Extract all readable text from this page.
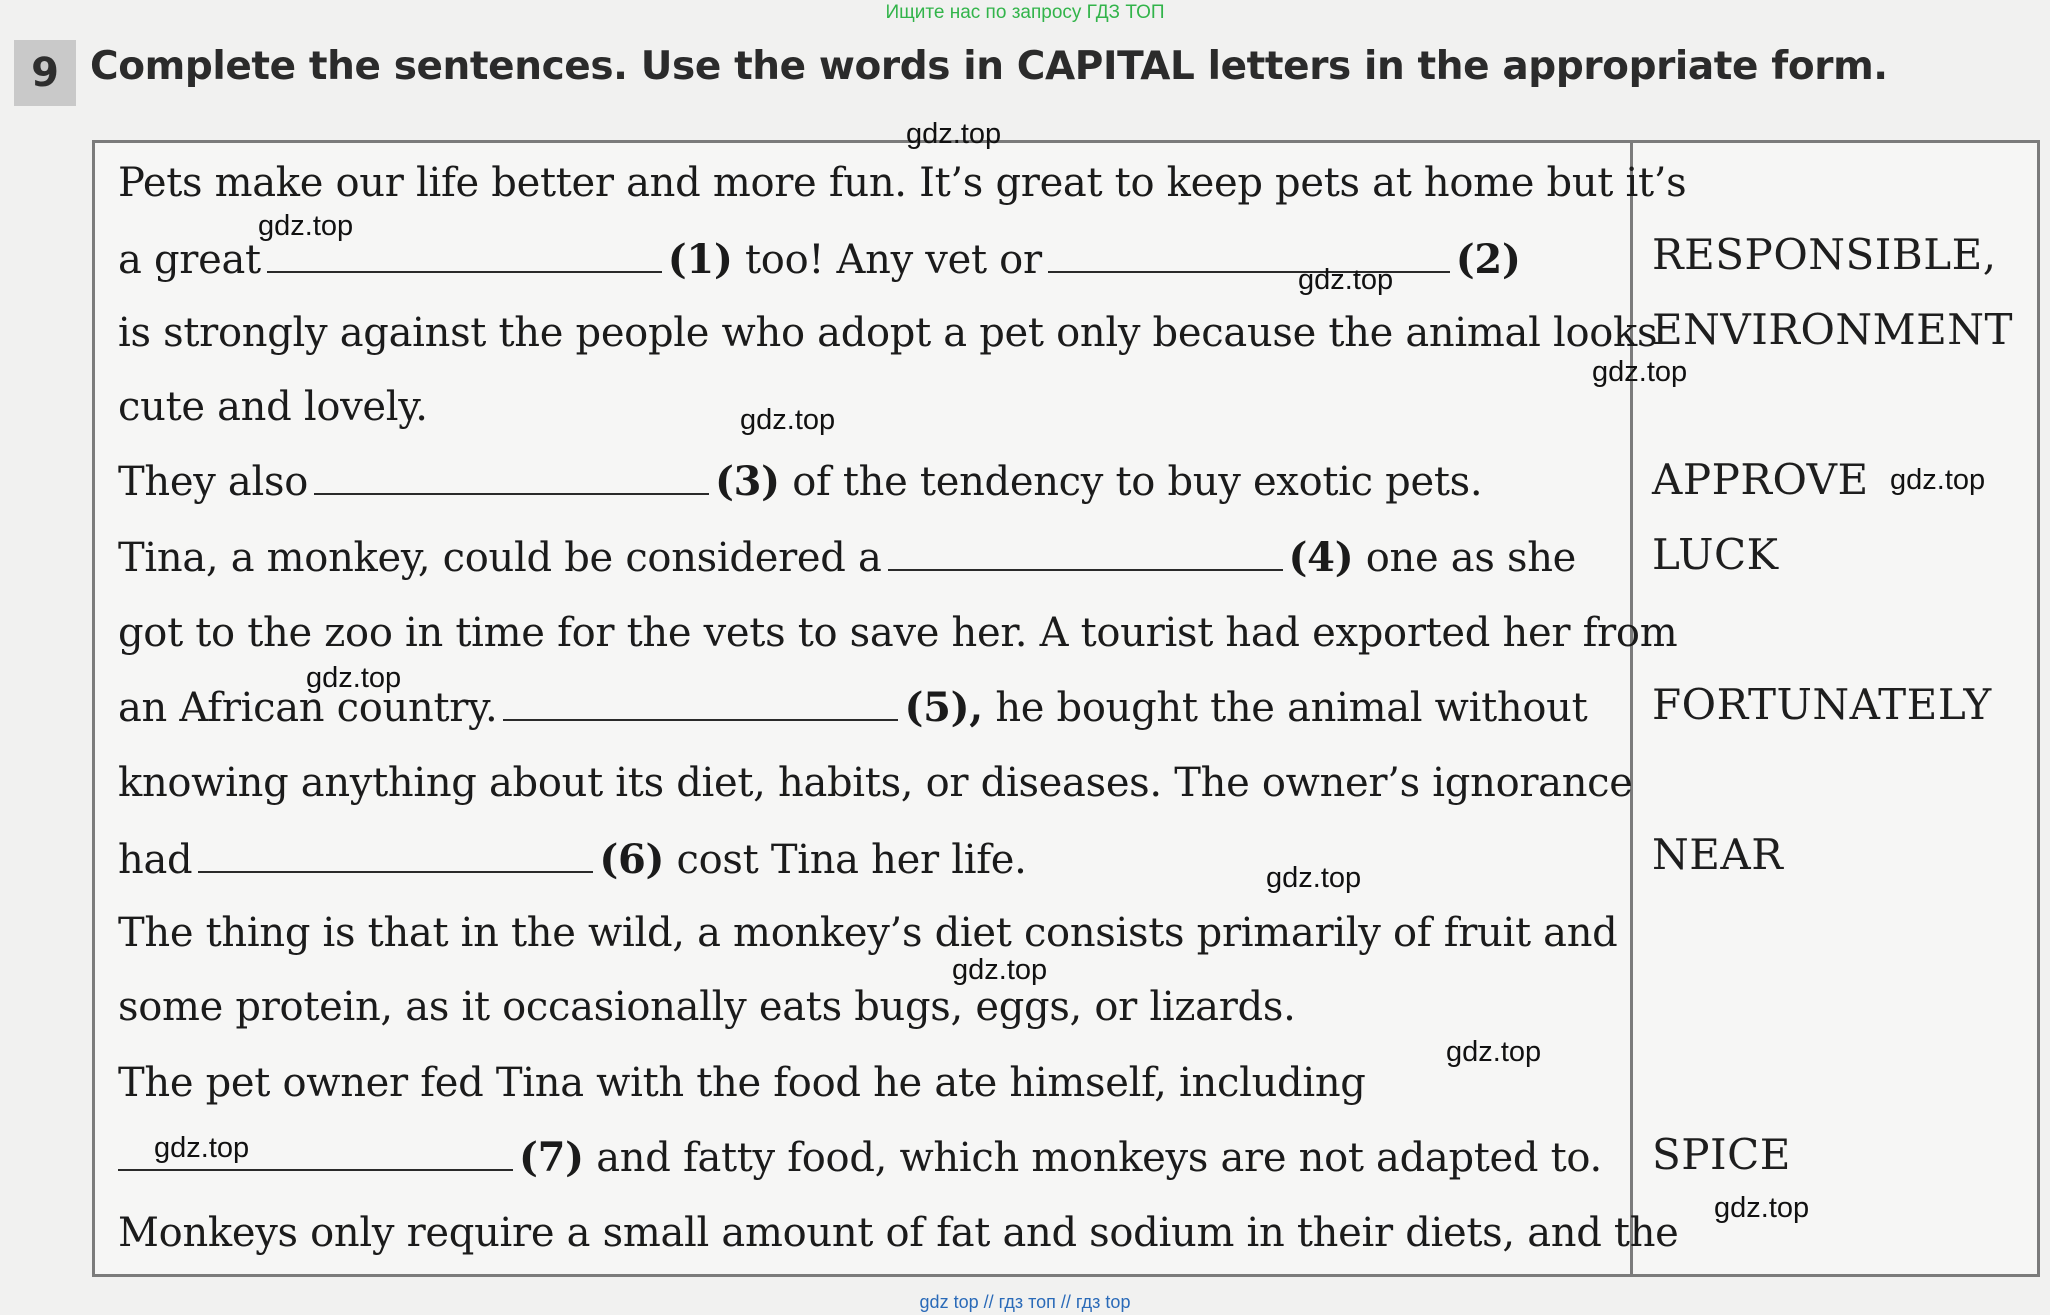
Ищите нас по запросу ГДЗ ТОП
9 Complete the sentences. Use the words in CAPITAL letters in the appropriate form.
Pets make our life better and more fun. It’s great to keep pets at home but it’s
a great	(1) too! Any vet or	(2)
is strongly against the people who adopt a pet only because the animal looks
cute and lovely.
They also	(3) of the tendency to buy exotic pets.
Tina, a monkey, could be considered a	(4) one as she
got to the zoo in time for the vets to save her. A tourist had exported her from
an African country.	(5), he bought the animal without
knowing anything about its diet, habits, or diseases. The owner’s ignorance
had	(6) cost Tina her life.
The thing is that in the wild, a monkey’s diet consists primarily of fruit and
some protein, as it occasionally eats bugs, eggs, or lizards.
The pet owner fed Tina with the food he ate himself, including
(7) and fatty food, which monkeys are not adapted to.
Monkeys only require a small amount of fat and sodium in their diets, and the
RESPONSIBLE,
ENVIRONMENT
APPROVE
LUCK
FORTUNATELY
NEAR
SPICE
gdz.top
gdz.top
gdz.top
gdz.top
gdz.top
gdz.top
gdz.top
gdz.top
gdz.top
gdz.top
gdz.top
gdz.top
gdz top // гдз топ // гдз top
